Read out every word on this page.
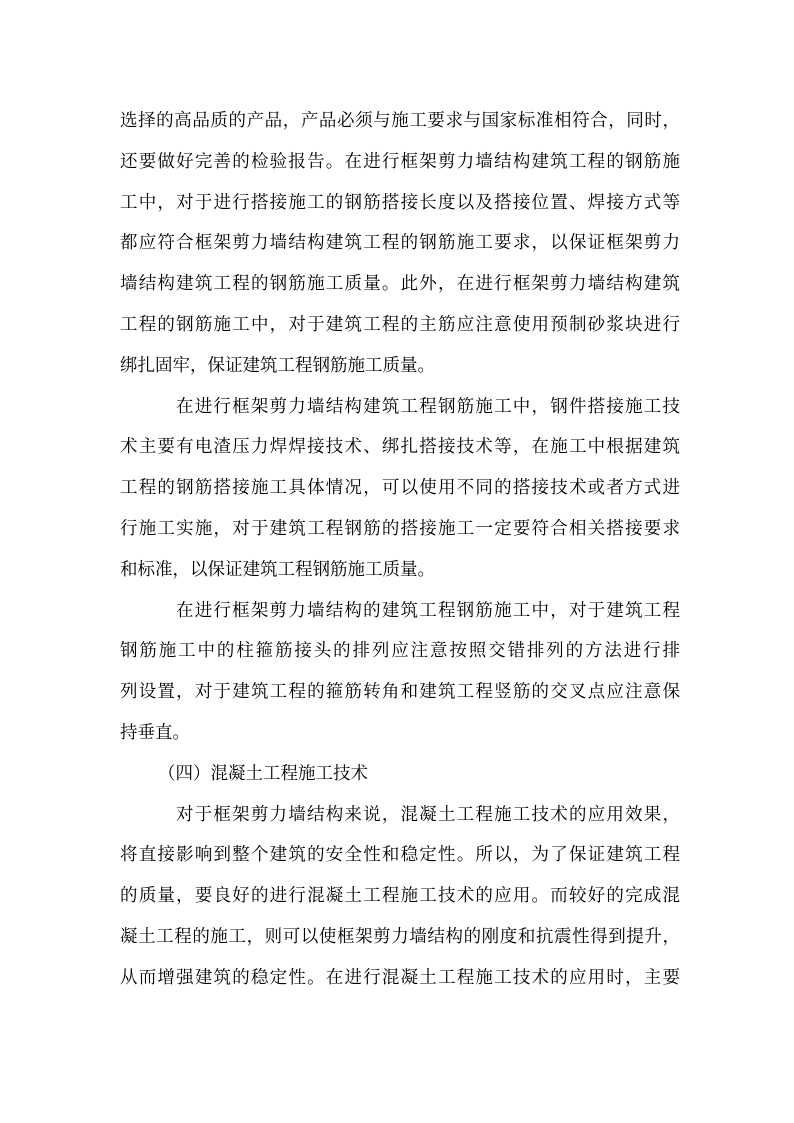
选择的高品质的产品，产品必须与施工要求与国家标准相符合，同时，
还要做好完善的检验报告。在进行框架剪力墙结构建筑工程的钢筋施
工中，对于进行搭接施工的钢筋搭接长度以及搭接位置、焊接方式等
都应符合框架剪力墙结构建筑工程的钢筋施工要求，以保证框架剪力
墙结构建筑工程的钢筋施工质量。此外，在进行框架剪力墙结构建筑
工程的钢筋施工中，对于建筑工程的主筋应注意使用预制砂浆块进行
绑扎固牢，保证建筑工程钢筋施工质量。
在进行框架剪力墙结构建筑工程钢筋施工中，钢件搭接施工技
术主要有电渣压力焊焊接技术、绑扎搭接技术等，在施工中根据建筑
工程的钢筋搭接施工具体情况，可以使用不同的搭接技术或者方式进
行施工实施，对于建筑工程钢筋的搭接施工一定要符合相关搭接要求
和标准，以保证建筑工程钢筋施工质量。
在进行框架剪力墙结构的建筑工程钢筋施工中，对于建筑工程
钢筋施工中的柱箍筋接头的排列应注意按照交错排列的方法进行排
列设置，对于建筑工程的箍筋转角和建筑工程竖筋的交叉点应注意保
持垂直。
（四）混凝土工程施工技术
对于框架剪力墙结构来说，混凝土工程施工技术的应用效果，
将直接影响到整个建筑的安全性和稳定性。所以，为了保证建筑工程
的质量，要良好的进行混凝土工程施工技术的应用。而较好的完成混
凝土工程的施工，则可以使框架剪力墙结构的刚度和抗震性得到提升，
从而增强建筑的稳定性。在进行混凝土工程施工技术的应用时，主要
